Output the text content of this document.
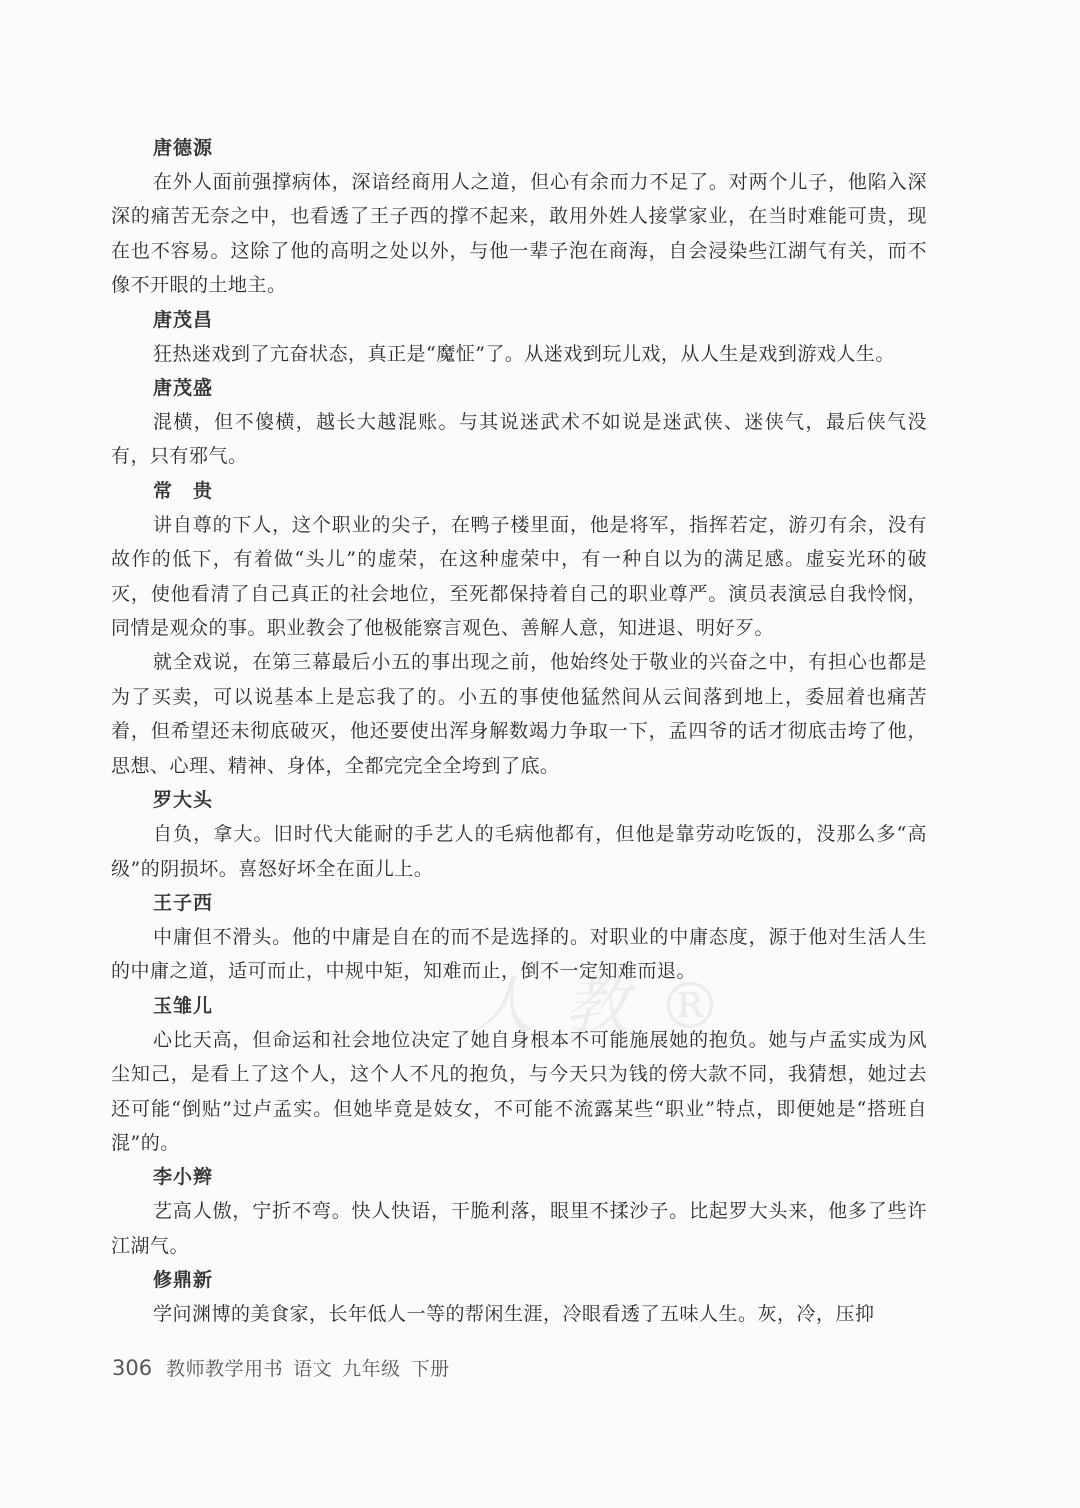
人教®
唐德源

在外人面前强撑病体，深谙经商用人之道，但心有余而力不足了。对两个儿子，他陷入深深的痛苦无奈之中，也看透了王子西的撑不起来，敢用外姓人接掌家业，在当时难能可贵，现在也不容易。这除了他的高明之处以外，与他一辈子泡在商海，自会浸染些江湖气有关，而不像不开眼的土地主。

唐茂昌

狂热迷戏到了亢奋状态，真正是“魔怔”了。从迷戏到玩儿戏，从人生是戏到游戏人生。

唐茂盛

混横，但不傻横，越长大越混账。与其说迷武术不如说是迷武侠、迷侠气，最后侠气没有，只有邪气。

常　贵

讲自尊的下人，这个职业的尖子，在鸭子楼里面，他是将军，指挥若定，游刃有余，没有故作的低下，有着做“头儿”的虚荣，在这种虚荣中，有一种自以为的满足感。虚妄光环的破灭，使他看清了自己真正的社会地位，至死都保持着自己的职业尊严。演员表演忌自我怜悯，同情是观众的事。职业教会了他极能察言观色、善解人意，知进退、明好歹。

就全戏说，在第三幕最后小五的事出现之前，他始终处于敬业的兴奋之中，有担心也都是为了买卖，可以说基本上是忘我了的。小五的事使他猛然间从云间落到地上，委屈着也痛苦着，但希望还未彻底破灭，他还要使出浑身解数竭力争取一下，孟四爷的话才彻底击垮了他，思想、心理、精神、身体，全都完完全全垮到了底。

罗大头

自负，拿大。旧时代大能耐的手艺人的毛病他都有，但他是靠劳动吃饭的，没那么多“高级”的阴损坏。喜怒好坏全在面儿上。

王子西

中庸但不滑头。他的中庸是自在的而不是选择的。对职业的中庸态度，源于他对生活人生的中庸之道，适可而止，中规中矩，知难而止，倒不一定知难而退。

玉雏儿

心比天高，但命运和社会地位决定了她自身根本不可能施展她的抱负。她与卢孟实成为风尘知己，是看上了这个人，这个人不凡的抱负，与今天只为钱的傍大款不同，我猜想，她过去还可能“倒贴”过卢孟实。但她毕竟是妓女，不可能不流露某些“职业”特点，即便她是“搭班自混”的。

李小辫

艺高人傲，宁折不弯。快人快语，干脆利落，眼里不揉沙子。比起罗大头来，他多了些许江湖气。

修鼎新

学问渊博的美食家，长年低人一等的帮闲生涯，冷眼看透了五味人生。灰，冷，压抑

306 教师教学用书 语文 九年级 下册
